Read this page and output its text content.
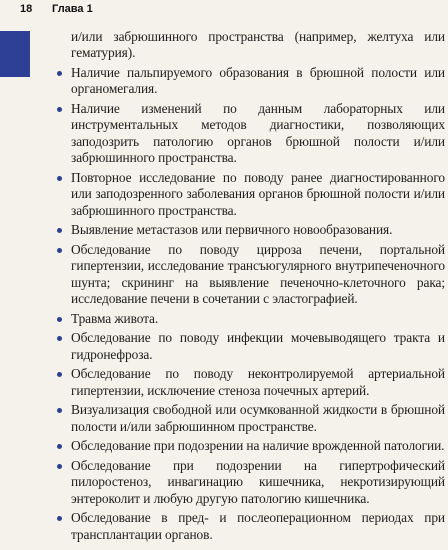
18 Глава 1

и/или забрюшинного пространства (например, желтуха или гематурия).

Наличие пальпируемого образования в брюшной полости или органомегалия.
Наличие изменений по данным лабораторных или инструментальных методов диагностики, позволяющих заподозрить патологию органов брюшной полости и/или забрюшинного пространства.
Повторное исследование по поводу ранее диагностированного или заподозренного заболевания органов брюшной полости и/или забрюшинного пространства.
Выявление метастазов или первичного новообразования.
Обследование по поводу цирроза печени, портальной гипертензии, исследование трансъюгулярного внутрипеченочного шунта; скрининг на выявление печеночно-клеточного рака; исследование печени в сочетании с эластографией.
Травма живота.
Обследование по поводу инфекции мочевыводящего тракта и гидронефроза.
Обследование по поводу неконтролируемой артериальной гипертензии, исключение стеноза почечных артерий.
Визуализация свободной или осумкованной жидкости в брюшной полости и/или забрюшинном пространстве.
Обследование при подозрении на наличие врожденной патологии.
Обследование при подозрении на гипертрофический пилоростеноз, инвагинацию кишечника, некротизирующий энтероколит и любую другую патологию кишечника.
Обследование в пред- и послеоперационном периодах при трансплантации органов.
